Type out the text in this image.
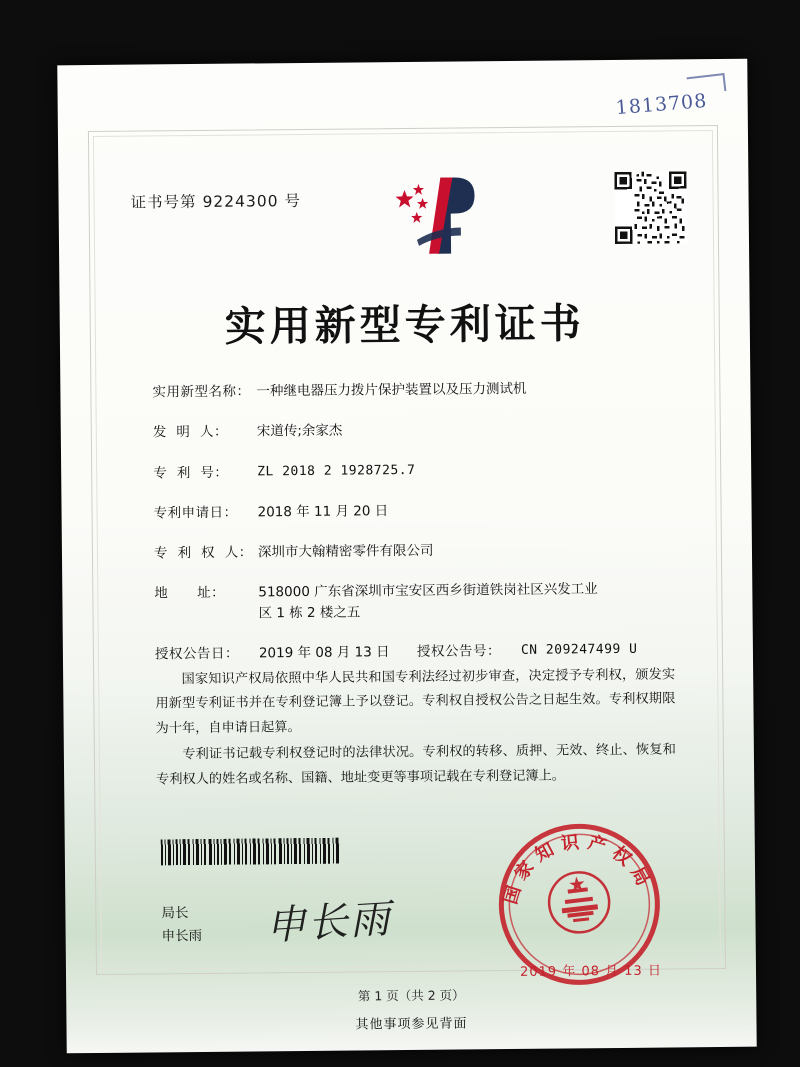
1813708
证书号第 9224300 号
实用新型专利证书
实用新型名称： 一种继电器压力拨片保护装置以及压力测试机
发  明  人：	宋道传;余家杰
专  利  号：	ZL 2018 2 1928725.7
专利申请日：	2018 年 11 月 20 日
专  利  权  人： 深圳市大翰精密零件有限公司
地      址：	518000 广东省深圳市宝安区西乡街道铁岗社区兴发工业
区 1 栋 2 楼之五
授权公告日：	2019 年 08 月 13 日 授权公告号：	CN 209247499 U

国家知识产权局依照中华人民共和国专利法经过初步审查，决定授予专利权，颁发实用新型专利证书并在专利登记簿上予以登记。专利权自授权公告之日起生效。专利权期限为十年，自申请日起算。

专利证书记载专利权登记时的法律状况。专利权的转移、质押、无效、终止、恢复和专利权人的姓名或名称、国籍、地址变更等事项记载在专利登记簿上。

国家知识产权局
2019 年 08 月 13 日
局长
申长雨 申长雨
第 1 页（共 2 页）
其他事项参见背面
